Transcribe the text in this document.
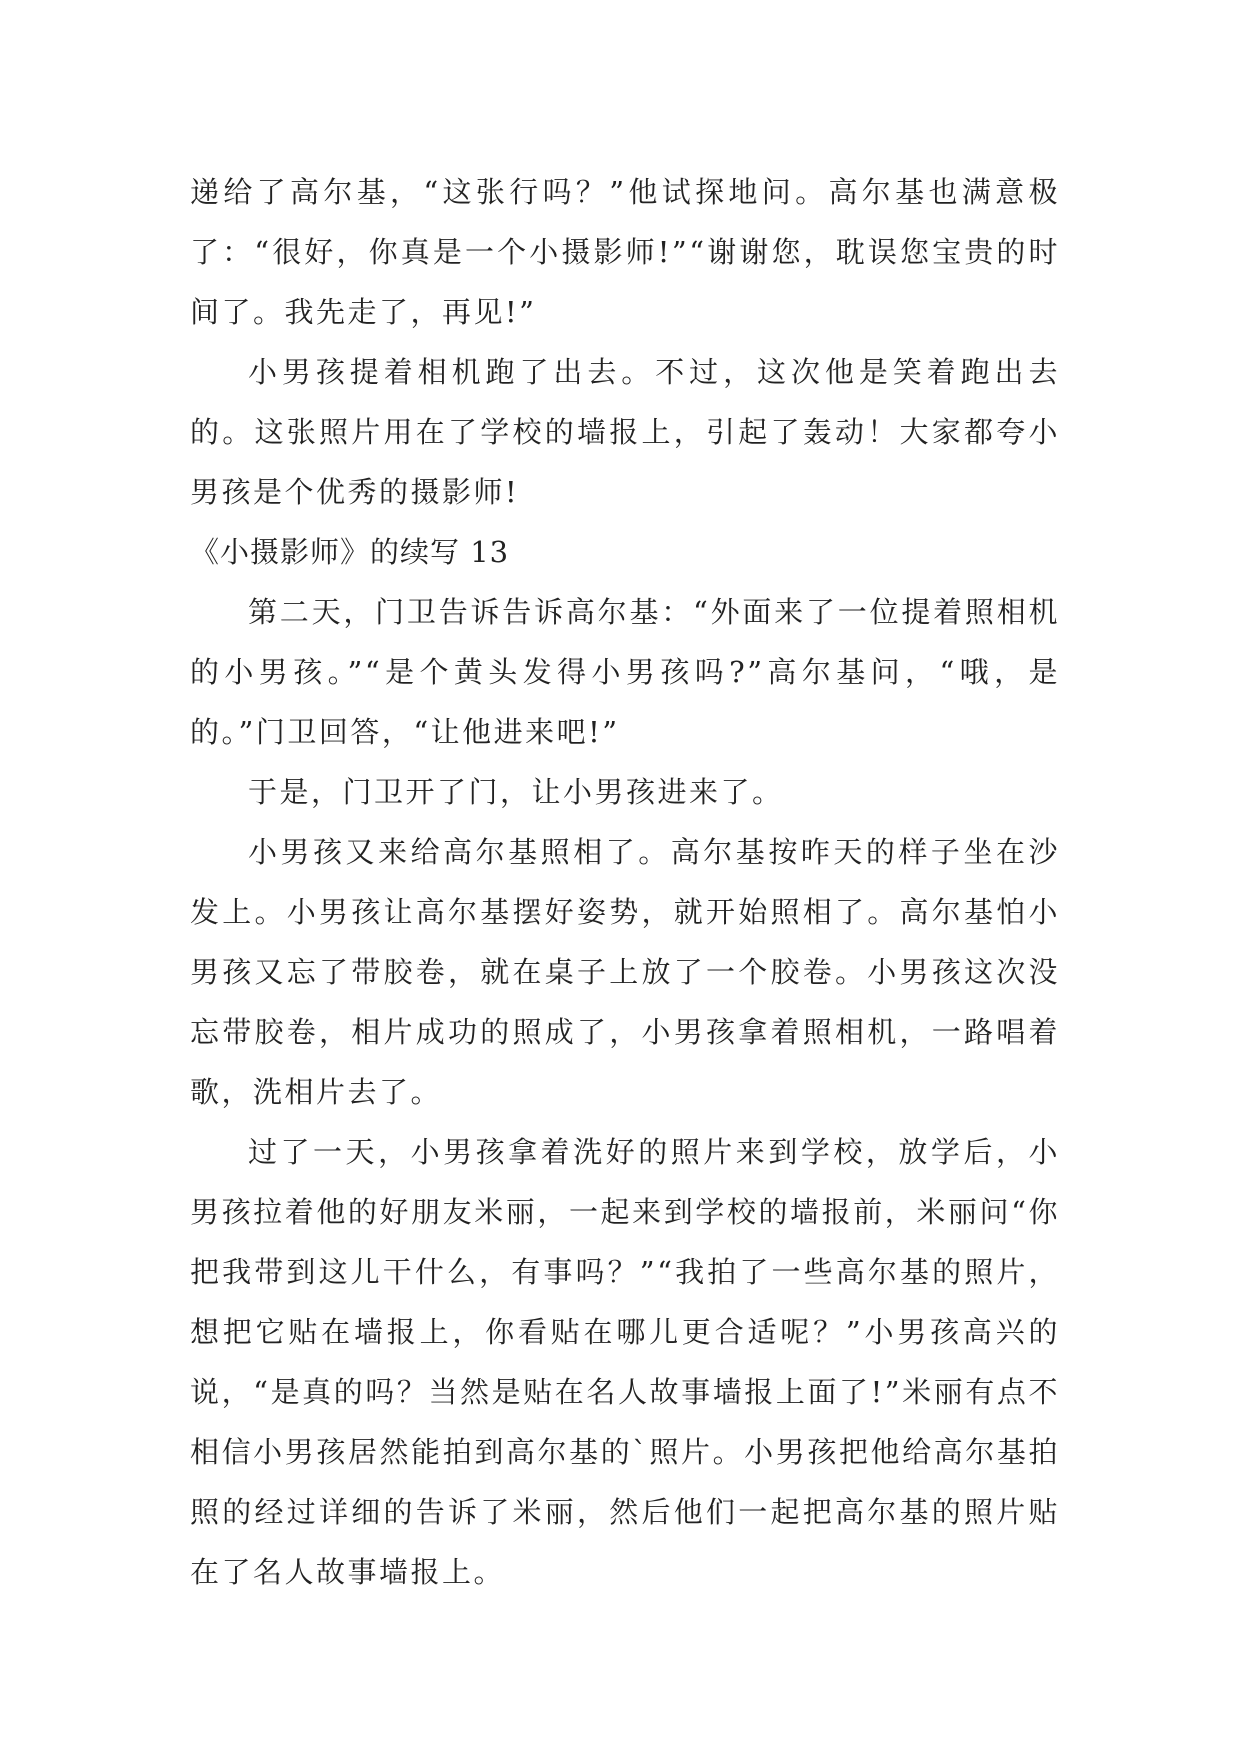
递给了高尔基，“这张行吗？”他试探地问。高尔基也满意极了：“很好，你真是一个小摄影师!”“谢谢您，耽误您宝贵的时间了。我先走了，再见!”

小男孩提着相机跑了出去。不过，这次他是笑着跑出去的。这张照片用在了学校的墙报上，引起了轰动！大家都夸小男孩是个优秀的摄影师!

《小摄影师》的续写 13

第二天，门卫告诉告诉高尔基：“外面来了一位提着照相机的小男孩。”“是个黄头发得小男孩吗?”高尔基问，“哦，是的。”门卫回答，“让他进来吧!”

于是，门卫开了门，让小男孩进来了。

小男孩又来给高尔基照相了。高尔基按昨天的样子坐在沙发上。小男孩让高尔基摆好姿势，就开始照相了。高尔基怕小男孩又忘了带胶卷，就在桌子上放了一个胶卷。小男孩这次没忘带胶卷，相片成功的照成了，小男孩拿着照相机，一路唱着歌，洗相片去了。

过了一天，小男孩拿着洗好的照片来到学校，放学后，小男孩拉着他的好朋友米丽，一起来到学校的墙报前，米丽问“你把我带到这儿干什么，有事吗？”“我拍了一些高尔基的照片，想把它贴在墙报上，你看贴在哪儿更合适呢？”小男孩高兴的说，“是真的吗？当然是贴在名人故事墙报上面了!”米丽有点不相信小男孩居然能拍到高尔基的`照片。小男孩把他给高尔基拍照的经过详细的告诉了米丽，然后他们一起把高尔基的照片贴在了名人故事墙报上。
